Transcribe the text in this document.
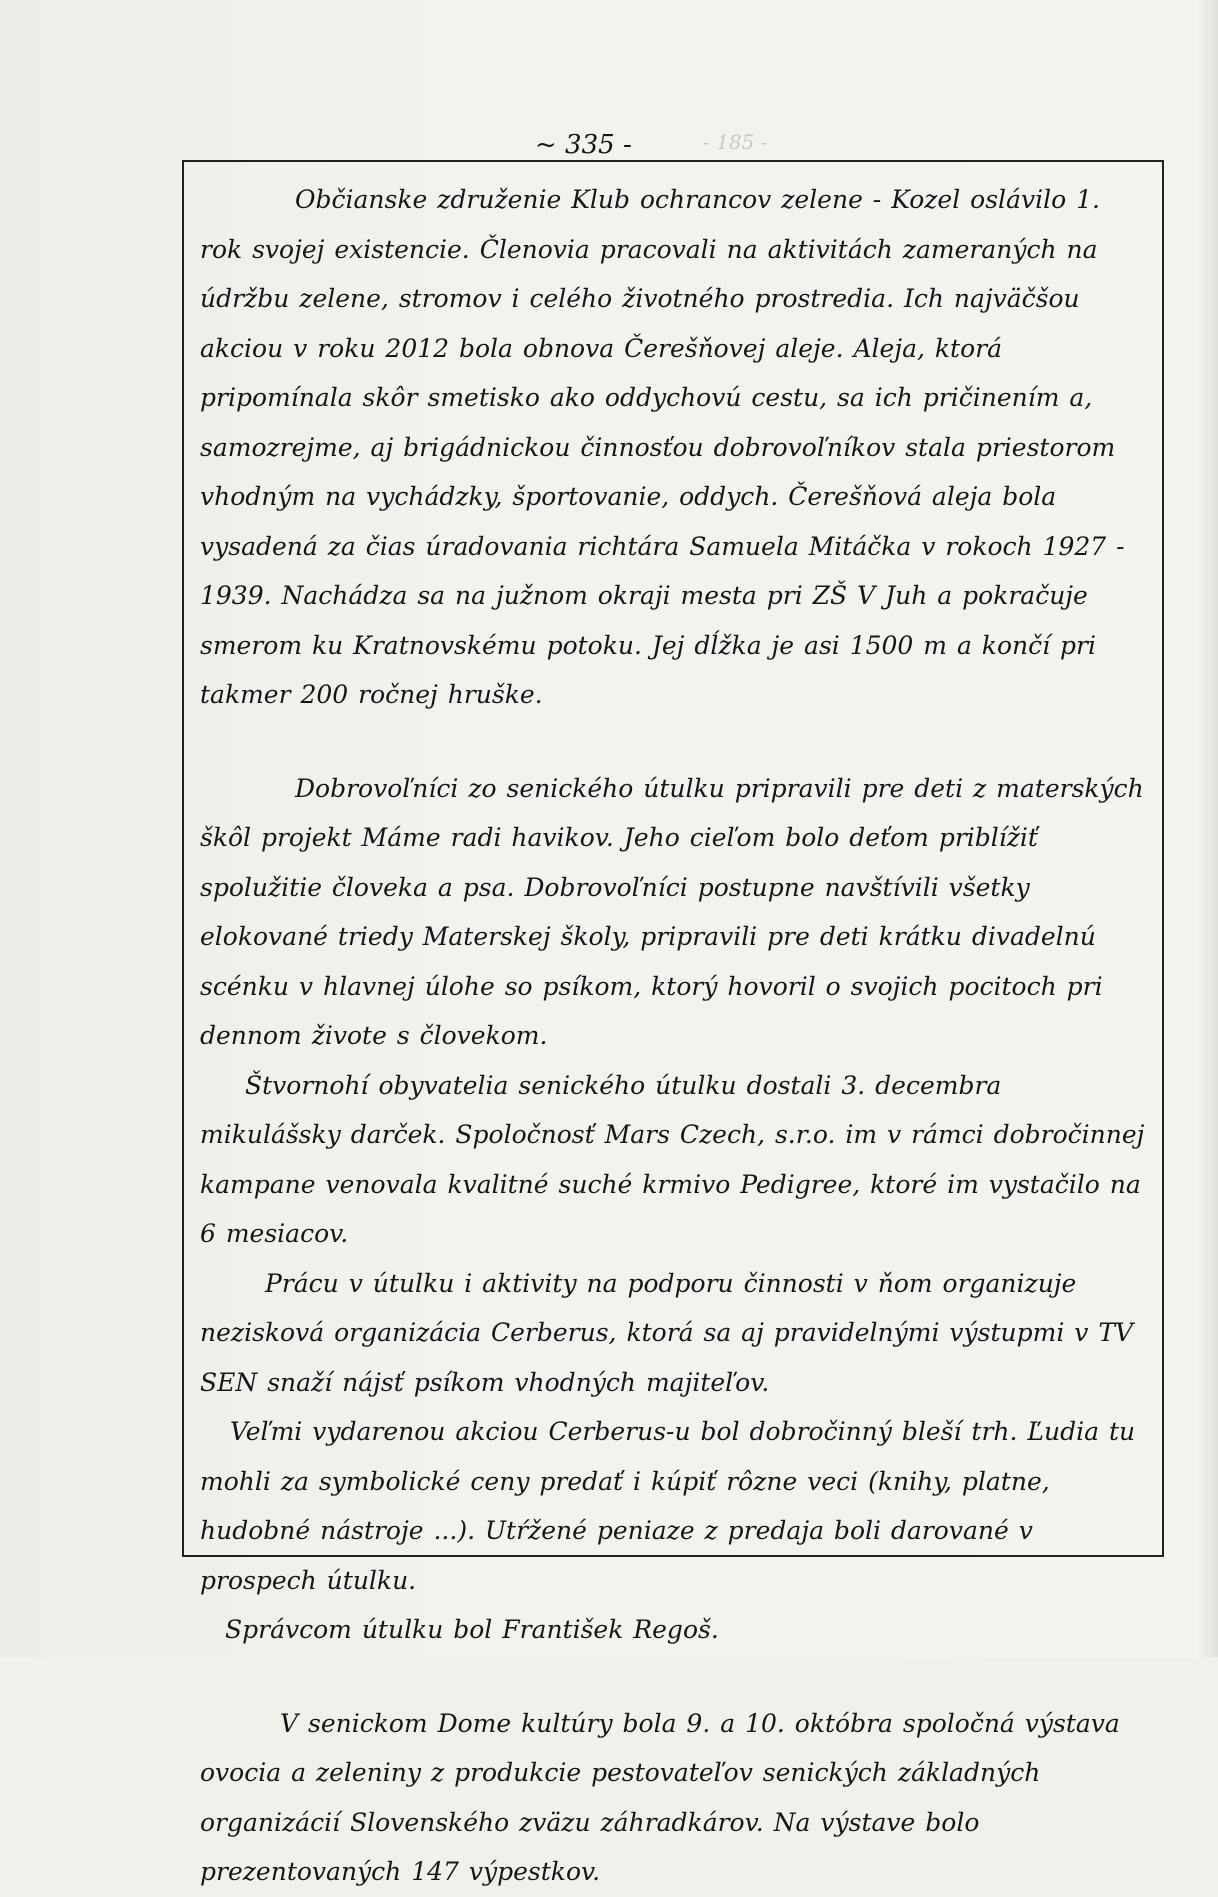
~ 335 -	- 185 -

Občianske združenie Klub ochrancov zelene - Kozel oslávilo 1. rok svojej existencie. Členovia pracovali na aktivitách zameraných na údržbu zelene, stromov i celého životného prostredia. Ich najväčšou akciou v roku 2012 bola obnova Čerešňovej aleje. Aleja, ktorá pripomínala skôr smetisko ako oddychovú cestu, sa ich pričinením a, samozrejme, aj brigádnickou činnosťou dobrovoľníkov stala priestorom vhodným na vychádzky, športovanie, oddych. Čerešňová aleja bola vysadená za čias úradovania richtára Samuela Mitáčka v rokoch 1927 - 1939. Nachádza sa na južnom okraji mesta pri ZŠ V Juh a pokračuje smerom ku Kratnovskému potoku. Jej dĺžka je asi 1500 m a končí pri takmer 200 ročnej hruške.

Dobrovoľníci zo senického útulku pripravili pre deti z materských škôl projekt Máme radi havikov. Jeho cieľom bolo deťom priblížiť spolužitie človeka a psa. Dobrovoľníci postupne navštívili všetky elokované triedy Materskej školy, pripravili pre deti krátku divadelnú scénku v hlavnej úlohe so psíkom, ktorý hovoril o svojich pocitoch pri dennom živote s človekom.

Štvornohí obyvatelia senického útulku dostali 3. decembra mikulášsky darček. Spoločnosť Mars Czech, s.r.o. im v rámci dobročinnej kampane venovala kvalitné suché krmivo Pedigree, ktoré im vystačilo na 6 mesiacov.

Prácu v útulku i aktivity na podporu činnosti v ňom organizuje nezisková organizácia Cerberus, ktorá sa aj pravidelnými výstupmi v TV SEN snaží nájsť psíkom vhodných majiteľov.

Veľmi vydarenou akciou Cerberus-u bol dobročinný bleší trh. Ľudia tu mohli za symbolické ceny predať i kúpiť rôzne veci (knihy, platne, hudobné nástroje ...). Utŕžené peniaze z predaja boli darované v prospech útulku.

Správcom útulku bol František Regoš.

V senickom Dome kultúry bola 9. a 10. októbra spoločná výstava ovocia a zeleniny z produkcie pestovateľov senických základných organizácií Slovenského zväzu záhradkárov. Na výstave bolo prezentovaných 147 výpestkov.
